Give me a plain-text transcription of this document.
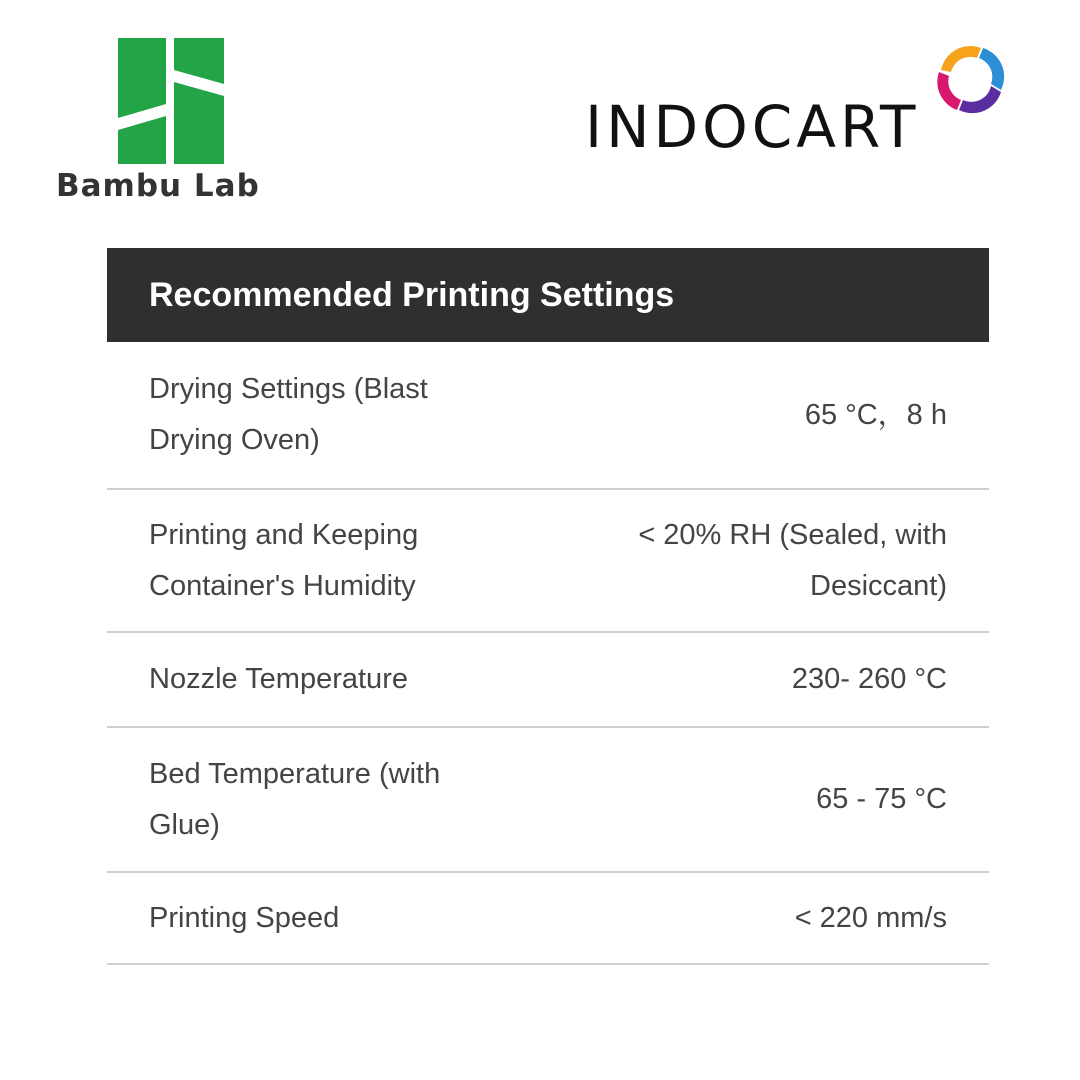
Bambu Lab
INDOCART
Recommended Printing Settings
Drying Settings (Blast Drying Oven)
65 °C，8 h
Printing and Keeping Container's Humidity
< 20% RH (Sealed, with Desiccant)
Nozzle Temperature	230- 260 °C
Bed Temperature (with Glue)
65 - 75 °C
Printing Speed	< 220 mm/s
